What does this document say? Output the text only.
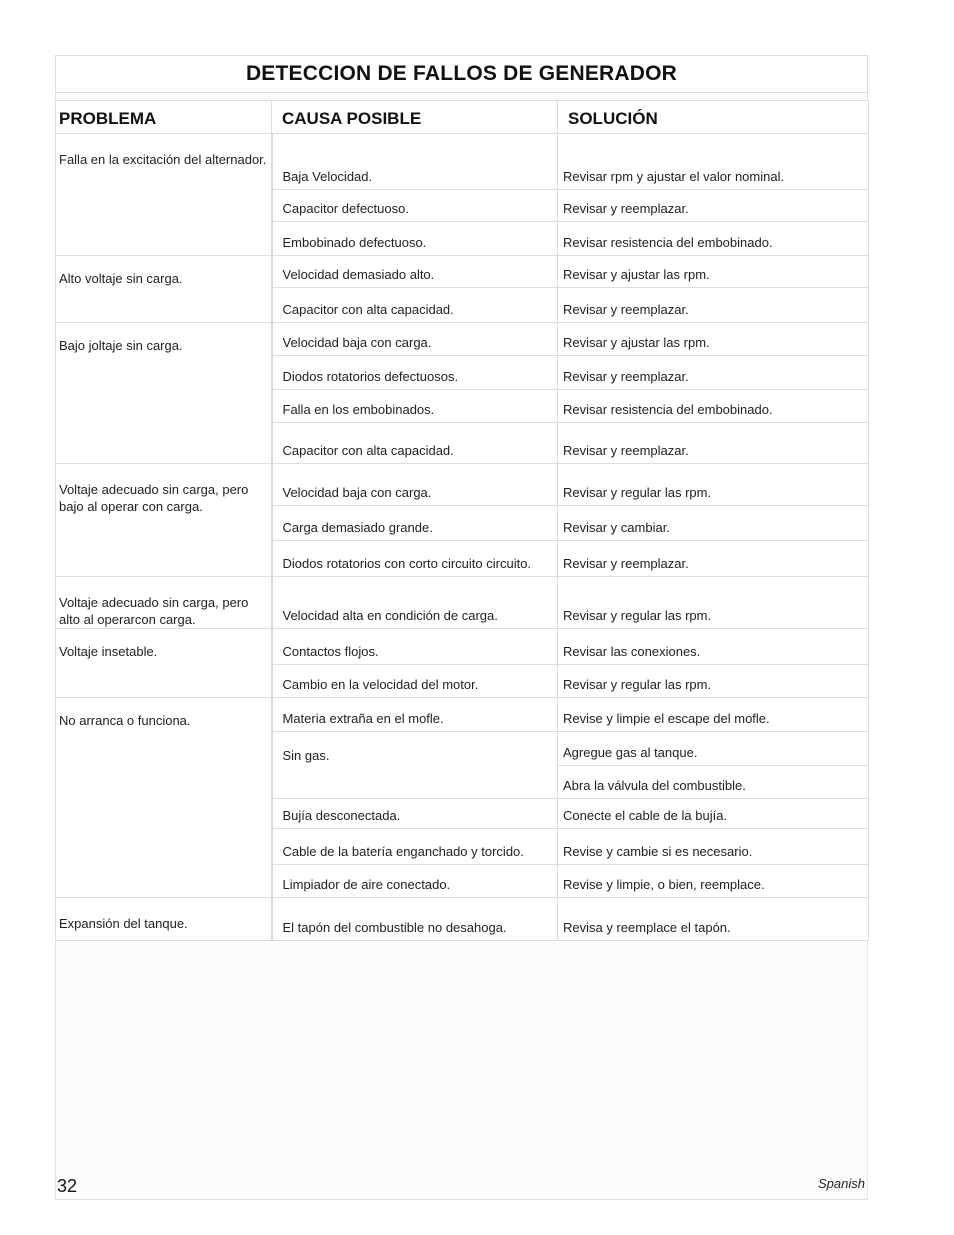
DETECCION DE FALLOS DE GENERADOR
PROBLEMA	CAUSA POSIBLE	SOLUCIÓN
Falla en la excitación del alternador.	Baja Velocidad.	Revisar rpm y ajustar el valor nominal.
	Capacitor defectuoso.	Revisar y reemplazar.
	Embobinado defectuoso.	Revisar resistencia del embobinado.
Alto voltaje sin carga.	Velocidad demasiado alto.	Revisar y ajustar las rpm.
	Capacitor con alta capacidad.	Revisar y reemplazar.
Bajo joltaje sin carga.	Velocidad baja con carga.	Revisar y ajustar las rpm.
	Diodos rotatorios defectuosos.	Revisar y reemplazar.
	Falla en los embobinados.	Revisar resistencia del embobinado.
	Capacitor con alta capacidad.	Revisar y reemplazar.
Voltaje adecuado sin carga, pero bajo al operar con carga.	Velocidad baja con carga.	Revisar y regular las rpm.
	Carga demasiado grande.	Revisar y cambiar.
	Diodos rotatorios con corto circuito circuito.	Revisar y reemplazar.
Voltaje adecuado sin carga, pero alto al operarcon carga.	Velocidad alta en condición de carga.	Revisar y regular las rpm.
Voltaje insetable.	Contactos flojos.	Revisar las conexiones.
	Cambio en la velocidad del motor.	Revisar y regular las rpm.
No arranca o funciona.	Materia extraña en el mofle.	Revise y limpie el escape del mofle.
	Sin gas.	Agregue gas al tanque.
		Abra la válvula del combustible.
	Bujía desconectada.	Conecte el cable de la bujía.
	Cable de la batería enganchado y torcido.	Revise y cambie si es necesario.
	Limpiador de aire conectado.	Revise y limpie, o bien, reemplace.
Expansión del tanque.	El tapón del combustible no desahoga.	Revisa y reemplace el tapón.
32	Spanish
